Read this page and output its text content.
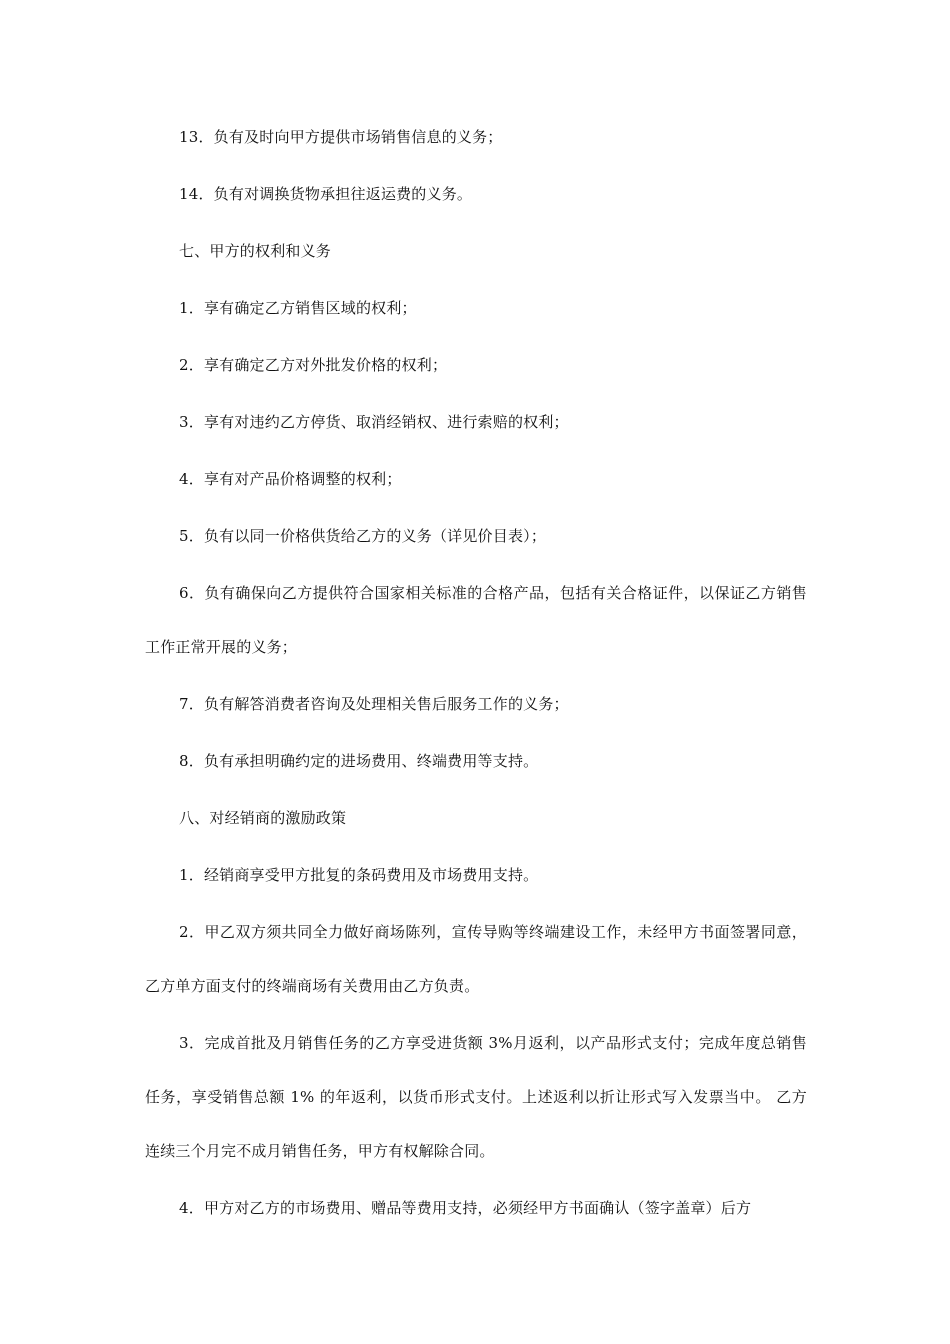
13．负有及时向甲方提供市场销售信息的义务；

14．负有对调换货物承担往返运费的义务。

七、甲方的权利和义务

1．享有确定乙方销售区域的权利；

2．享有确定乙方对外批发价格的权利；

3．享有对违约乙方停货、取消经销权、进行索赔的权利；

4．享有对产品价格调整的权利；

5．负有以同一价格供货给乙方的义务（详见价目表）；

6．负有确保向乙方提供符合国家相关标准的合格产品，包括有关合格证件，以保证乙方销售工作正常开展的义务；

7．负有解答消费者咨询及处理相关售后服务工作的义务；

8．负有承担明确约定的进场费用、终端费用等支持。

八、对经销商的激励政策

1．经销商享受甲方批复的条码费用及市场费用支持。

2．甲乙双方须共同全力做好商场陈列，宣传导购等终端建设工作，未经甲方书面签署同意，乙方单方面支付的终端商场有关费用由乙方负责。

3．完成首批及月销售任务的乙方享受进货额 3%月返利，以产品形式支付；完成年度总销售任务，享受销售总额 1% 的年返利，以货币形式支付。上述返利以折让形式写入发票当中。 乙方连续三个月完不成月销售任务，甲方有权解除合同。

4．甲方对乙方的市场费用、赠品等费用支持，必须经甲方书面确认（签字盖章）后方
